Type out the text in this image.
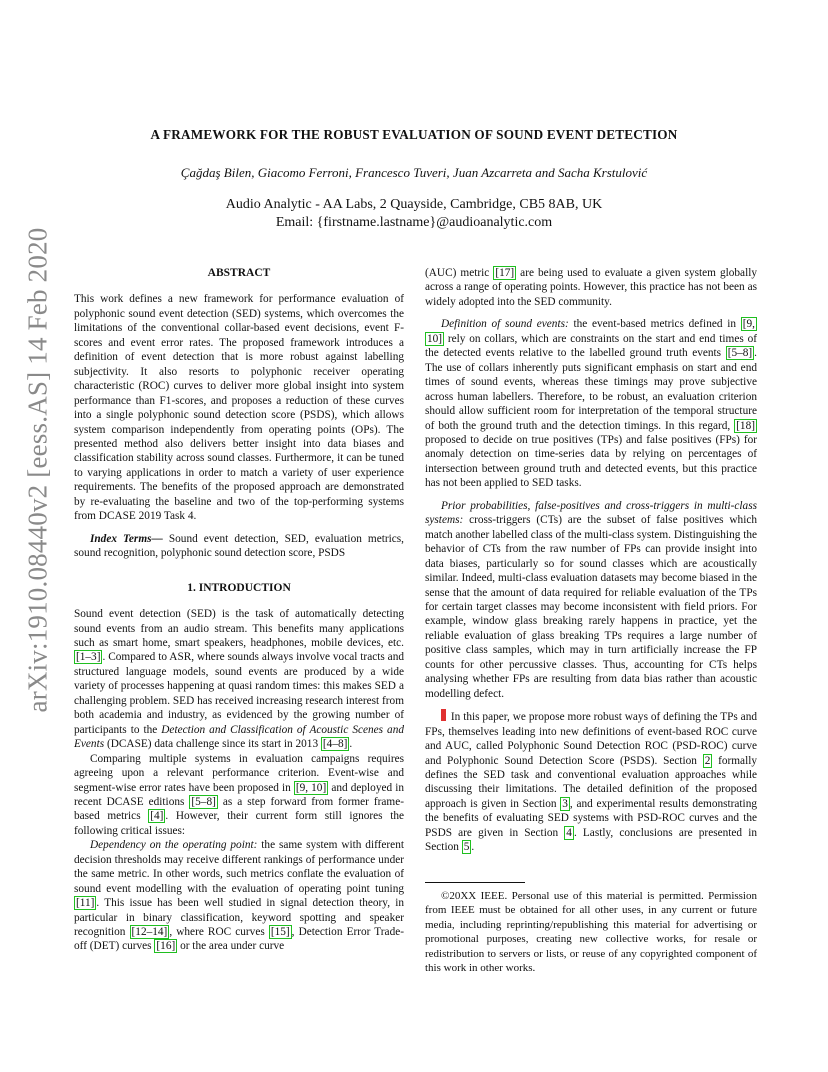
arXiv:1910.08440v2 [eess.AS] 14 Feb 2020
A FRAMEWORK FOR THE ROBUST EVALUATION OF SOUND EVENT DETECTION
Çağdaş Bilen, Giacomo Ferroni, Francesco Tuveri, Juan Azcarreta and Sacha Krstulović
Audio Analytic - AA Labs, 2 Quayside, Cambridge, CB5 8AB, UK
Email: {firstname.lastname}@audioanalytic.com

ABSTRACT

This work defines a new framework for performance evaluation of polyphonic sound event detection (SED) systems, which overcomes the limitations of the conventional collar-based event decisions, event F-scores and event error rates. The proposed framework introduces a definition of event detection that is more robust against labelling subjectivity. It also resorts to polyphonic receiver operating characteristic (ROC) curves to deliver more global insight into system performance than F1-scores, and proposes a reduction of these curves into a single polyphonic sound detection score (PSDS), which allows system comparison independently from operating points (OPs). The presented method also delivers better insight into data biases and classification stability across sound classes. Furthermore, it can be tuned to varying applications in order to match a variety of user experience requirements. The benefits of the proposed approach are demonstrated by re-evaluating the baseline and two of the top-performing systems from DCASE 2019 Task 4.

Index Terms— Sound event detection, SED, evaluation metrics, sound recognition, polyphonic sound detection score, PSDS

1. INTRODUCTION

Sound event detection (SED) is the task of automatically detecting sound events from an audio stream. This benefits many applications such as smart home, smart speakers, headphones, mobile devices, etc. [1–3] . Compared to ASR, where sounds always involve vocal tracts and structured language models, sound events are produced by a wide variety of processes happening at quasi random times: this makes SED a challenging problem. SED has received increasing research interest from both academia and industry, as evidenced by the growing number of participants to the Detection and Classification of Acoustic Scenes and Events (DCASE) data challenge since its start in 2013 [4–8] .

Comparing multiple systems in evaluation campaigns requires agreeing upon a relevant performance criterion. Event-wise and segment-wise error rates have been proposed in [9, 10] and deployed in recent DCASE editions [5–8] as a step forward from former frame-based metrics [4] . However, their current form still ignores the following critical issues:

Dependency on the operating point: the same system with different decision thresholds may receive different rankings of performance under the same metric. In other words, such metrics conflate the evaluation of sound event modelling with the evaluation of operating point tuning [11] . This issue has been well studied in signal detection theory, in particular in binary classification, keyword spotting and speaker recognition [12–14] , where ROC curves [15] , Detection Error Trade-off (DET) curves [16] or the area under curve

(AUC) metric [17] are being used to evaluate a given system globally across a range of operating points. However, this practice has not been as widely adopted into the SED community.

Definition of sound events: the event-based metrics defined in [9, 10] rely on collars, which are constraints on the start and end times of the detected events relative to the labelled ground truth events [5–8] . The use of collars inherently puts significant emphasis on start and end times of sound events, whereas these timings may prove subjective across human labellers. Therefore, to be robust, an evaluation criterion should allow sufficient room for interpretation of the temporal structure of both the ground truth and the detection timings. In this regard, [18] proposed to decide on true positives (TPs) and false positives (FPs) for anomaly detection on time-series data by relying on percentages of intersection between ground truth and detected events, but this practice has not been applied to SED tasks.

Prior probabilities, false-positives and cross-triggers in multi-class systems: cross-triggers (CTs) are the subset of false positives which match another labelled class of the multi-class system. Distinguishing the behavior of CTs from the raw number of FPs can provide insight into data biases, particularly so for sound classes which are acoustically similar. Indeed, multi-class evaluation datasets may become biased in the sense that the amount of data required for reliable evaluation of the TPs for certain target classes may become inconsistent with field priors. For example, window glass breaking rarely happens in practice, yet the reliable evaluation of glass breaking TPs requires a large number of positive class samples, which may in turn artificially increase the FP counts for other percussive classes. Thus, accounting for CTs helps analysing whether FPs are resulting from data bias rather than acoustic modelling defect.

In this paper, we propose more robust ways of defining the TPs and FPs, themselves leading into new definitions of event-based ROC curve and AUC, called Polyphonic Sound Detection ROC (PSD-ROC) curve and Polyphonic Sound Detection Score (PSDS). Section 2 formally defines the SED task and conventional evaluation approaches while discussing their limitations. The detailed definition of the proposed approach is given in Section 3 , and experimental results demonstrating the benefits of evaluating SED systems with PSD-ROC curves and the PSDS are given in Section 4 . Lastly, conclusions are presented in Section 5 .

©20XX IEEE. Personal use of this material is permitted. Permission from IEEE must be obtained for all other uses, in any current or future media, including reprinting/republishing this material for advertising or promotional purposes, creating new collective works, for resale or redistribution to servers or lists, or reuse of any copyrighted component of this work in other works.
